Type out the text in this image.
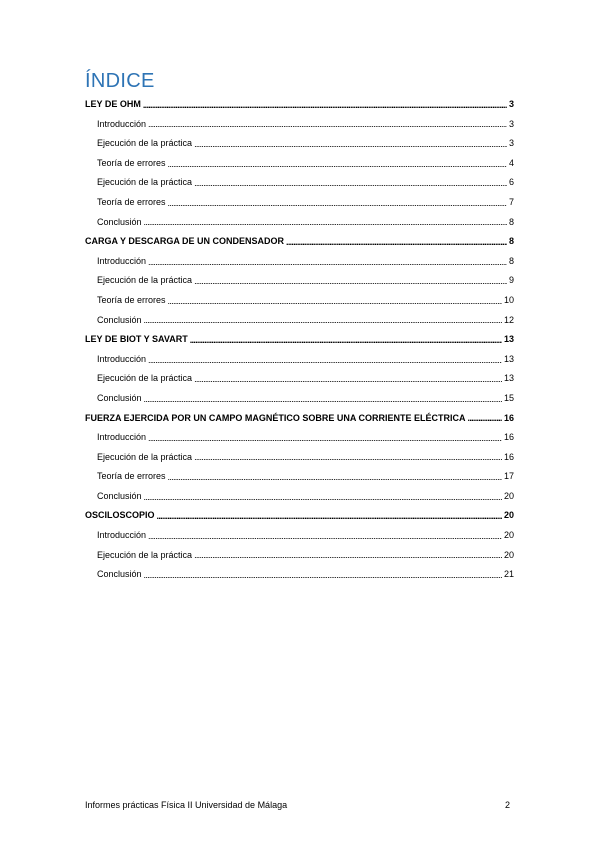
ÍNDICE
LEY DE OHM . . .	3
Introducción . . .	3
Ejecución de la práctica . . .	3
Teoría de errores . . .	4
Ejecución de la práctica . . .	6
Teoría de errores . . .	7
Conclusión . . .	8
CARGA Y DESCARGA DE UN CONDENSADOR . . .	8
Introducción . . .	8
Ejecución de la práctica . . .	9
Teoría de errores . . .	10
Conclusión . . .	12
LEY DE BIOT Y SAVART . . .	13
Introducción . . .	13
Ejecución de la práctica . . .	13
Conclusión . . .	15
FUERZA EJERCIDA POR UN CAMPO MAGNÉTICO SOBRE UNA CORRIENTE ELÉCTRICA . . .	16
Introducción . . .	16
Ejecución de la práctica . . .	16
Teoría de errores . . .	17
Conclusión . . .	20
OSCILOSCOPIO . . .	20
Introducción . . .	20
Ejecución de la práctica . . .	20
Conclusión . . .	21
Informes prácticas Física II Universidad de Málaga	2
